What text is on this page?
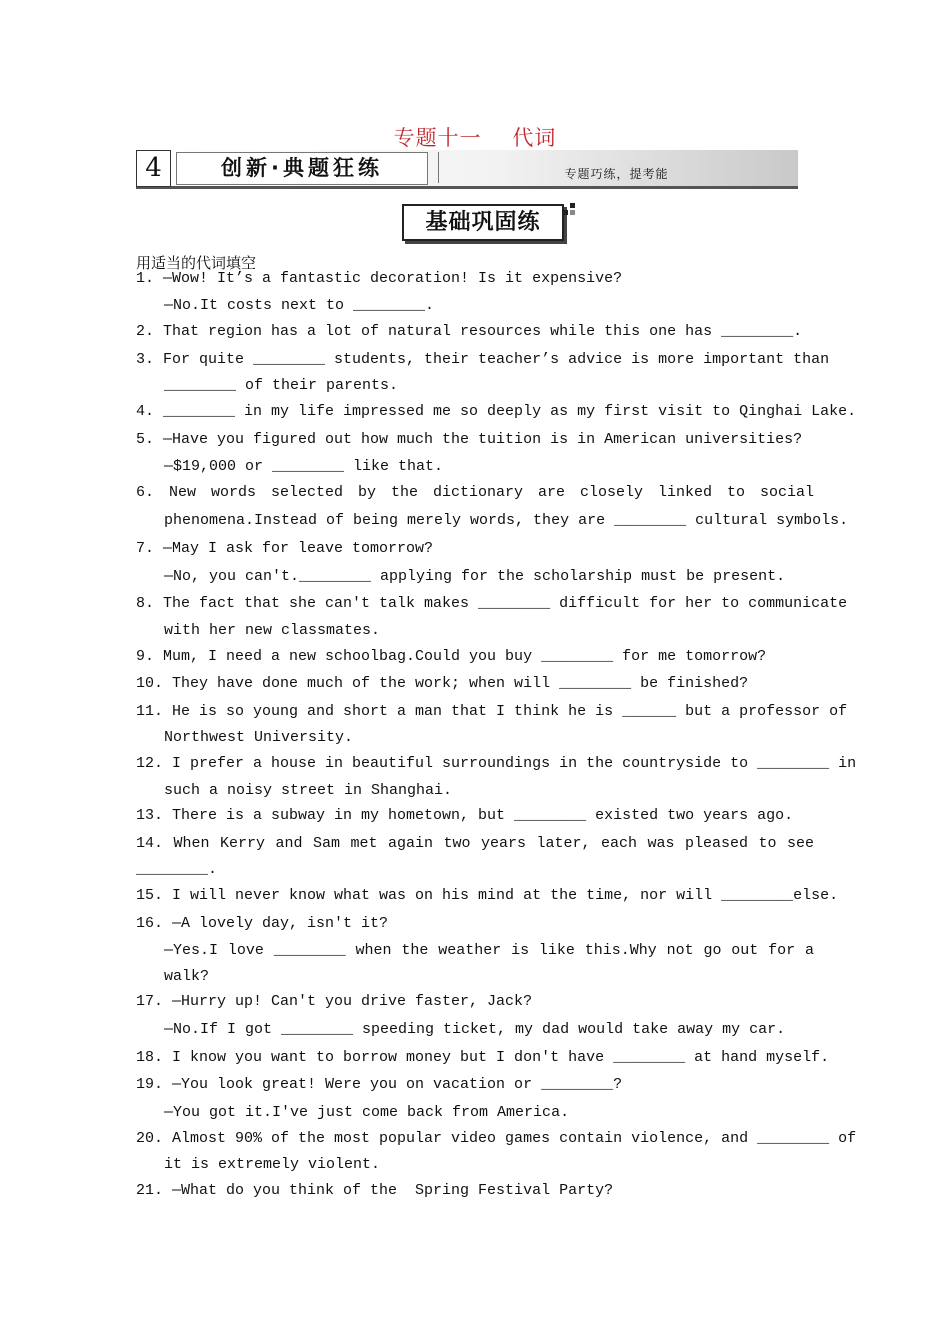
专题十一    代词
4	创新·典题狂练	专题巧练，提考能
基础巩固练
用适当的代词填空
1. —Wow! It’s a fantastic decoration! Is it expensive?
—No.It costs next to ________.
2. That region has a lot of natural resources while this one has ________.
3. For quite ________ students, their teacher’s advice is more important than
________ of their parents.
4. ________ in my life impressed me so deeply as my first visit to Qinghai Lake.
5. —Have you figured out how much the tuition is in American universities?
—$19,000 or ________ like that.
6. New words selected by the dictionary are closely linked to social
phenomena.Instead of being merely words, they are ________ cultural symbols.
7. —May I ask for leave tomorrow?
—No, you can't.________ applying for the scholarship must be present.
8. The fact that she can't talk makes ________ difficult for her to communicate
with her new classmates.
9. Mum, I need a new schoolbag.Could you buy ________ for me tomorrow?
10. They have done much of the work; when will ________ be finished?
11. He is so young and short a man that I think he is ______ but a professor of
Northwest University.
12. I prefer a house in beautiful surroundings in the countryside to ________ in
such a noisy street in Shanghai.
13. There is a subway in my hometown, but ________ existed two years ago.
14. When Kerry and Sam met again two years later, each was pleased to see
________.
15. I will never know what was on his mind at the time, nor will ________else.
16. —A lovely day, isn't it?
—Yes.I love ________ when the weather is like this.Why not go out for a
walk?
17. —Hurry up! Can't you drive faster, Jack?
—No.If I got ________ speeding ticket, my dad would take away my car.
18. I know you want to borrow money but I don't have ________ at hand myself.
19. —You look great! Were you on vacation or ________?
—You got it.I've just come back from America.
20. Almost 90% of the most popular video games contain violence, and ________ of
it is extremely violent.
21. —What do you think of the  Spring Festival Party?
